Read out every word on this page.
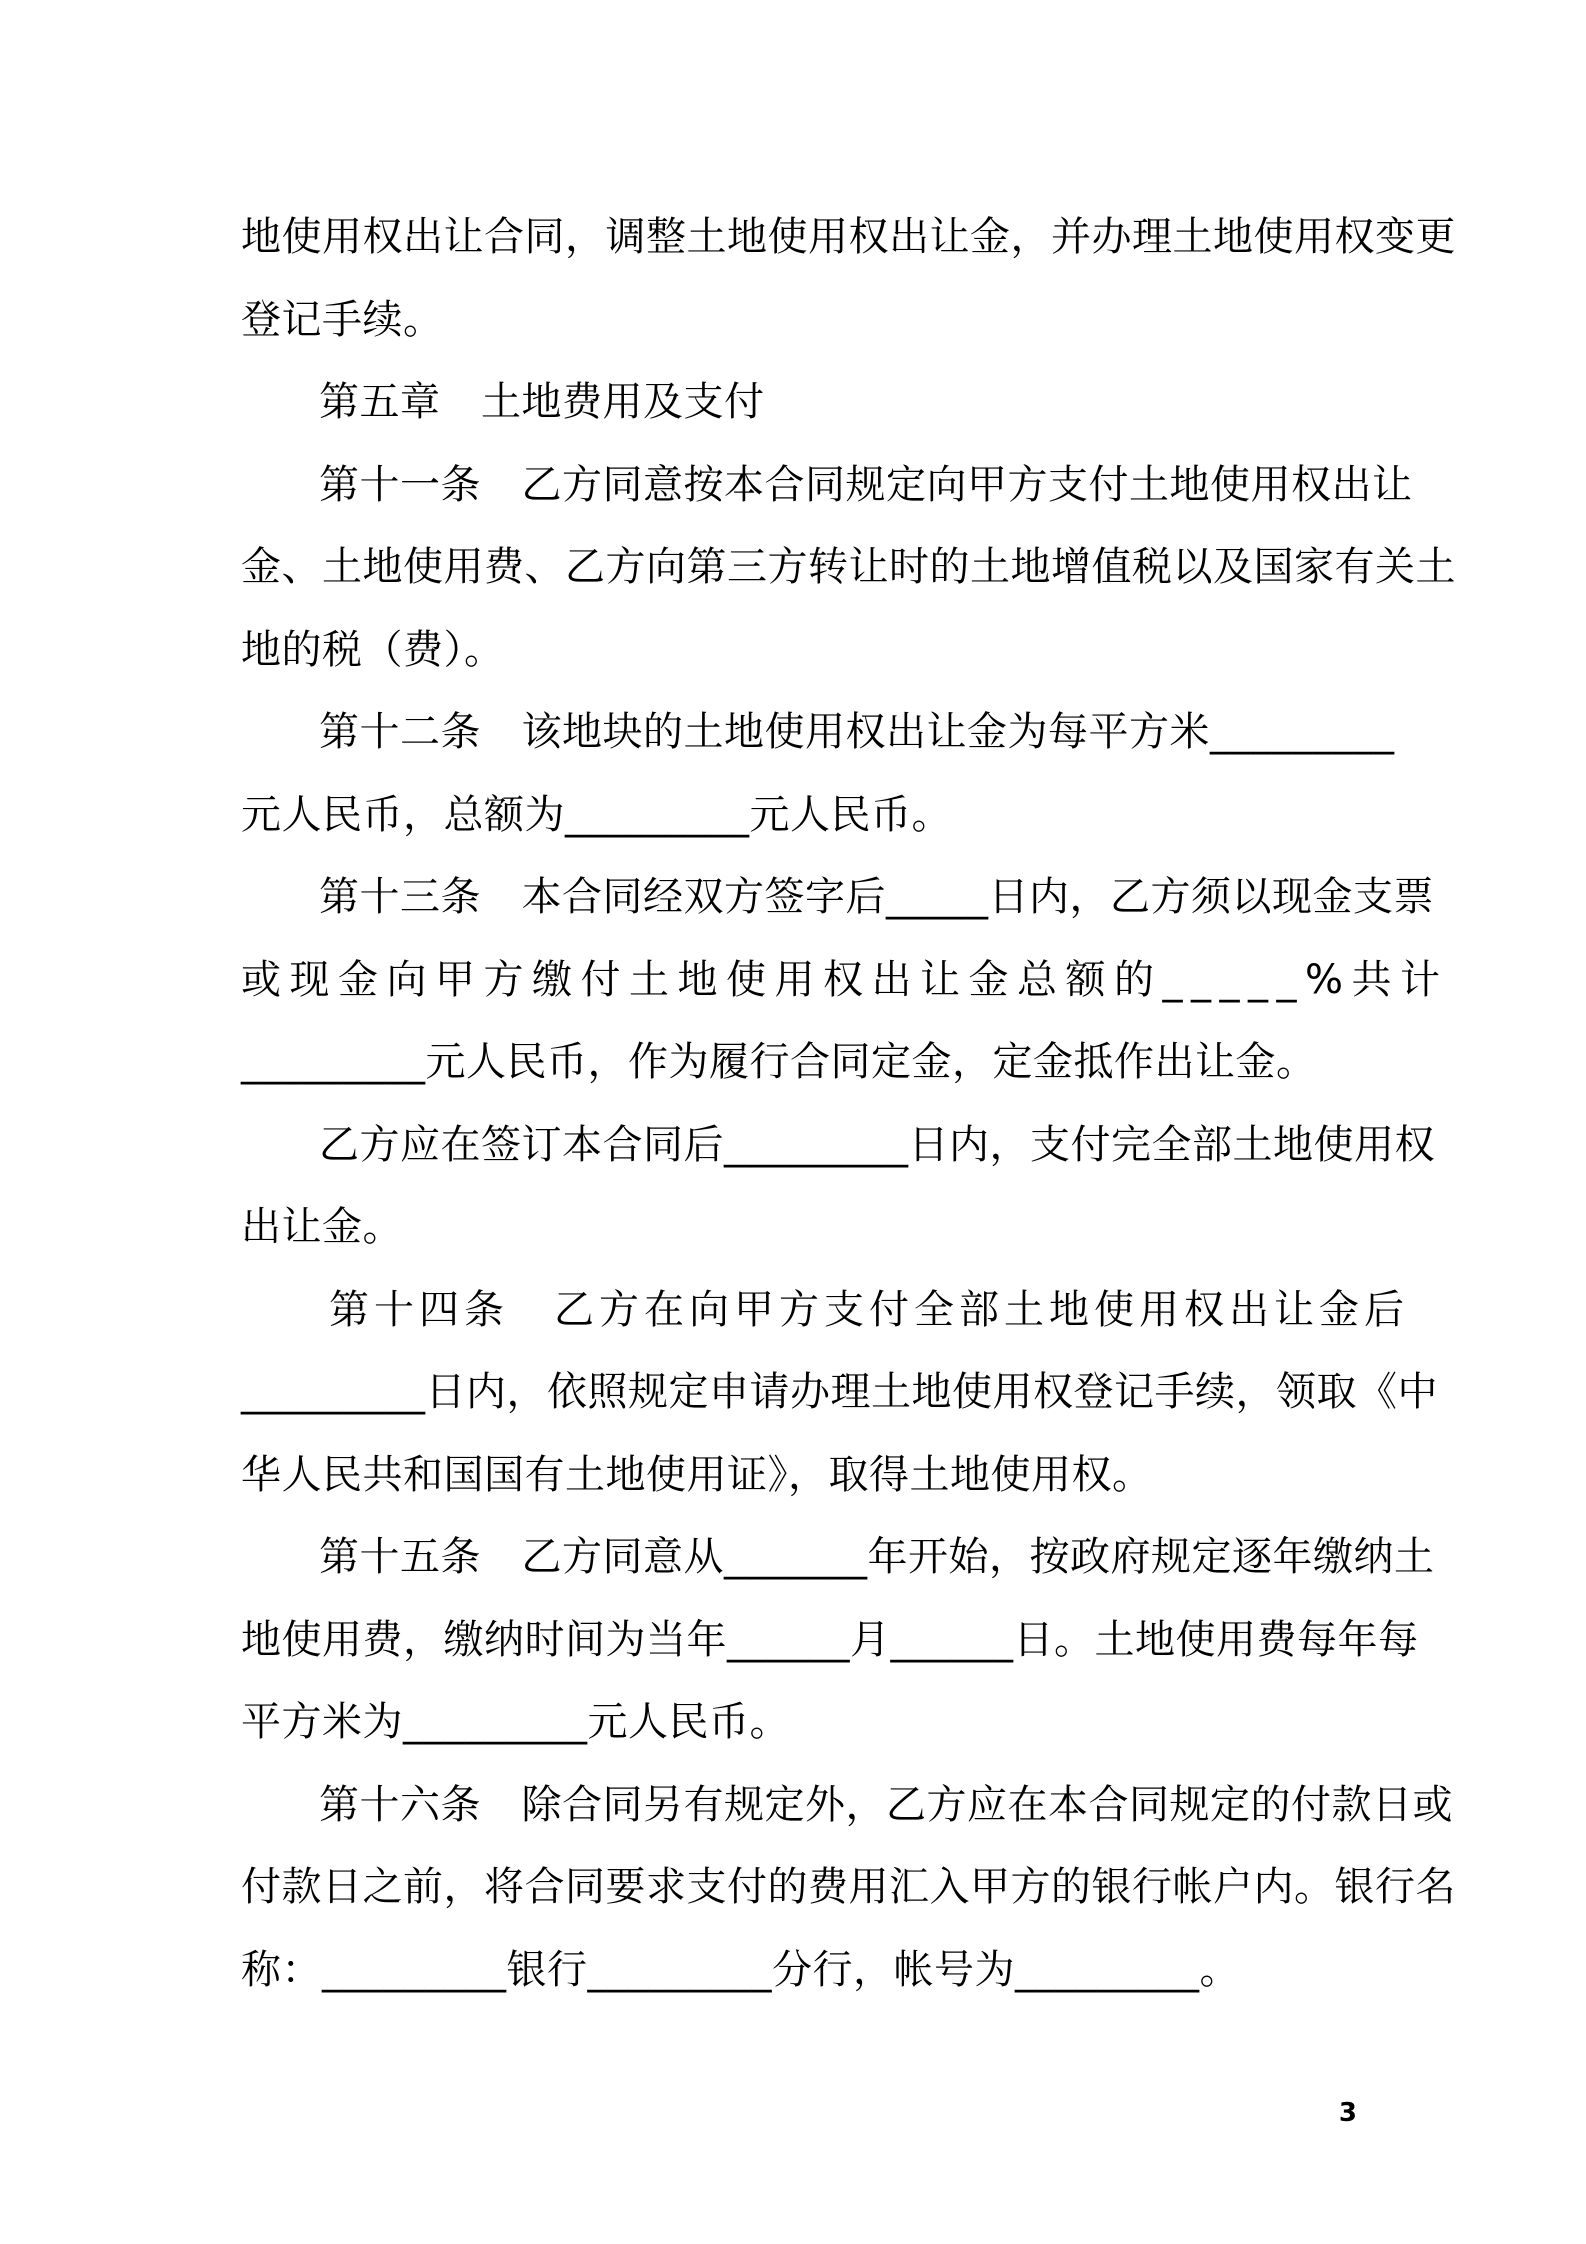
地使用权出让合同，调整土地使用权出让金，并办理土地使用权变更
登记手续。
第五章　土地费用及支付
第十一条　乙方同意按本合同规定向甲方支付土地使用权出让
金、土地使用费、乙方向第三方转让时的土地增值税以及国家有关土
地的税（费）。
第十二条　该地块的土地使用权出让金为每平方米_________
元人民币，总额为_________元人民币。
第十三条　本合同经双方签字后_____日内，乙方须以现金支票
或现金向甲方缴付土地使用权出让金总额的_____%共计
_________元人民币，作为履行合同定金，定金抵作出让金。
乙方应在签订本合同后_________日内，支付完全部土地使用权
出让金。
第十四条　乙方在向甲方支付全部土地使用权出让金后
_________日内，依照规定申请办理土地使用权登记手续，领取《中
华人民共和国国有土地使用证》，取得土地使用权。
第十五条　乙方同意从_______年开始，按政府规定逐年缴纳土
地使用费，缴纳时间为当年______月______日。土地使用费每年每
平方米为_________元人民币。
第十六条　除合同另有规定外，乙方应在本合同规定的付款日或
付款日之前，将合同要求支付的费用汇入甲方的银行帐户内。银行名
称：_________银行_________分行，帐号为_________。
3
